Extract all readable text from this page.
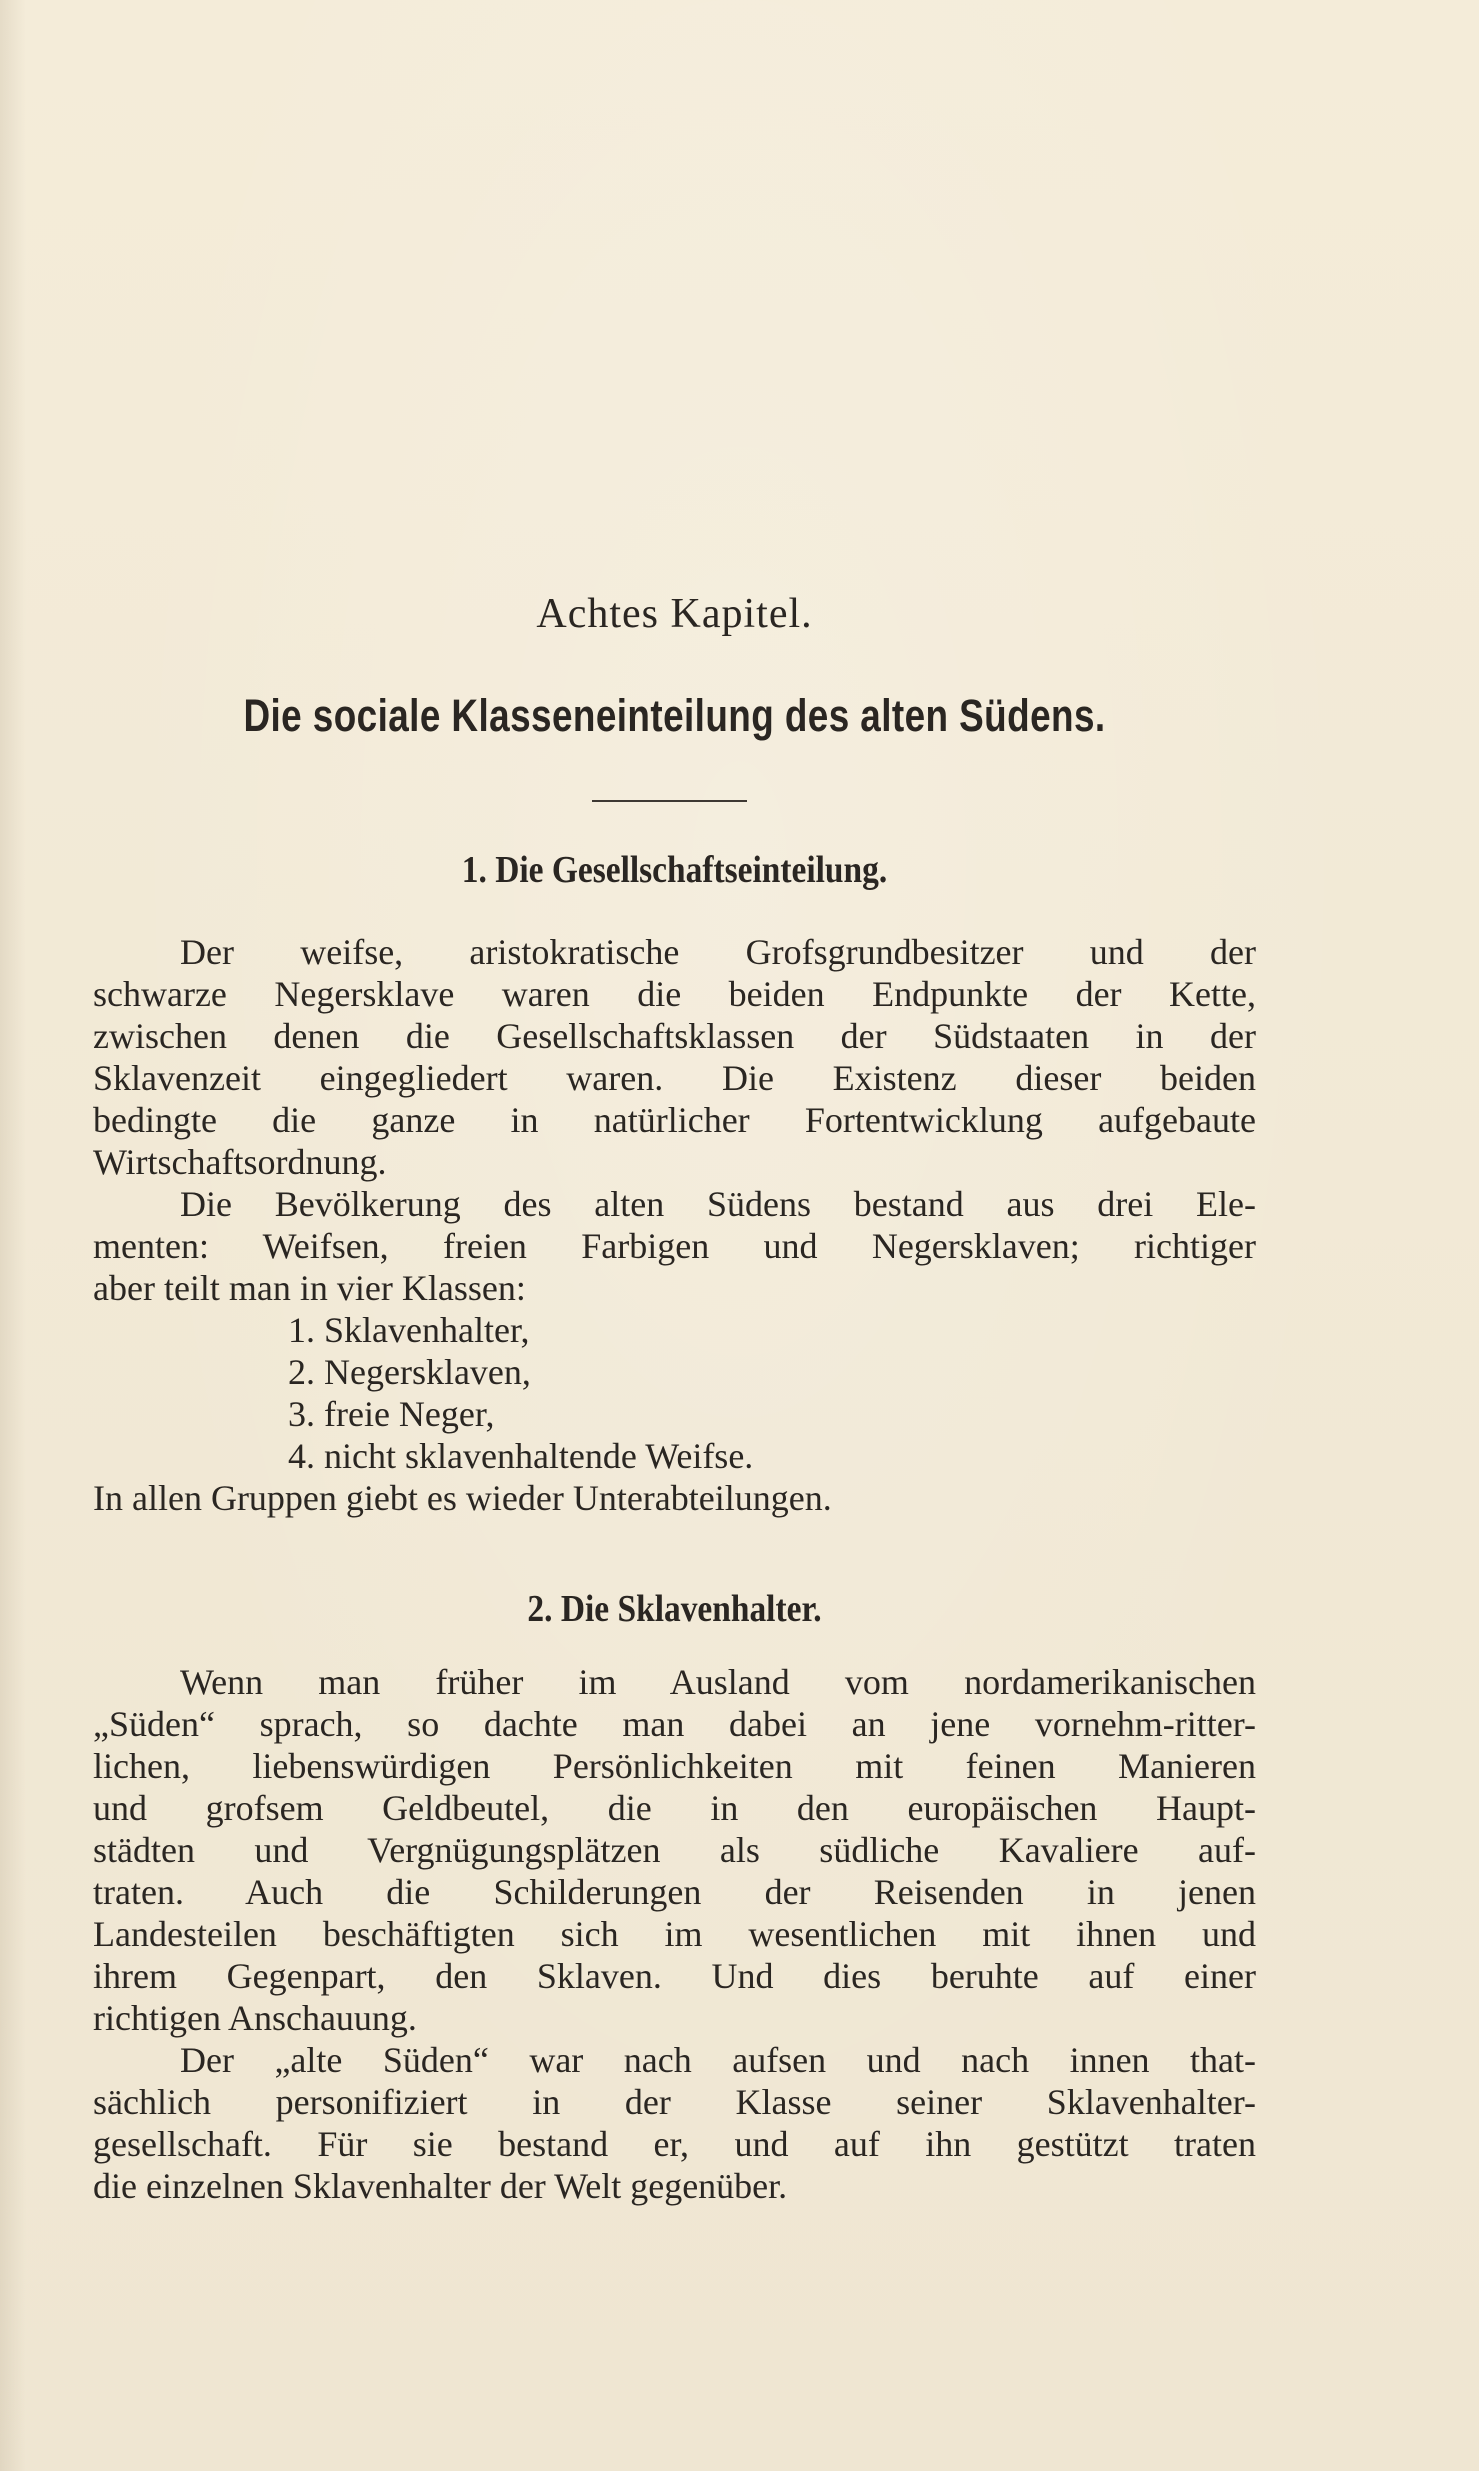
Achtes Kapitel.
Die sociale Klasseneinteilung des alten Südens.
1. Die Gesellschaftseinteilung.
Der weifse, aristokratische Grofsgrundbesitzer und der
schwarze Negersklave waren die beiden Endpunkte der Kette,
zwischen denen die Gesellschaftsklassen der Südstaaten in der
Sklavenzeit eingegliedert waren. Die Existenz dieser beiden
bedingte die ganze in natürlicher Fortentwicklung aufgebaute
Wirtschaftsordnung.
Die Bevölkerung des alten Südens bestand aus drei Ele-
menten: Weifsen, freien Farbigen und Negersklaven; richtiger
aber teilt man in vier Klassen:
1. Sklavenhalter,
2. Negersklaven,
3. freie Neger,
4. nicht sklavenhaltende Weifse.
In allen Gruppen giebt es wieder Unterabteilungen.
2. Die Sklavenhalter.
Wenn man früher im Ausland vom nordamerikanischen
„Süden“ sprach, so dachte man dabei an jene vornehm-ritter-
lichen, liebenswürdigen Persönlichkeiten mit feinen Manieren
und grofsem Geldbeutel, die in den europäischen Haupt-
städten und Vergnügungsplätzen als südliche Kavaliere auf-
traten. Auch die Schilderungen der Reisenden in jenen
Landesteilen beschäftigten sich im wesentlichen mit ihnen und
ihrem Gegenpart, den Sklaven. Und dies beruhte auf einer
richtigen Anschauung.
Der „alte Süden“ war nach aufsen und nach innen that-
sächlich personifiziert in der Klasse seiner Sklavenhalter-
gesellschaft. Für sie bestand er, und auf ihn gestützt traten
die einzelnen Sklavenhalter der Welt gegenüber.
